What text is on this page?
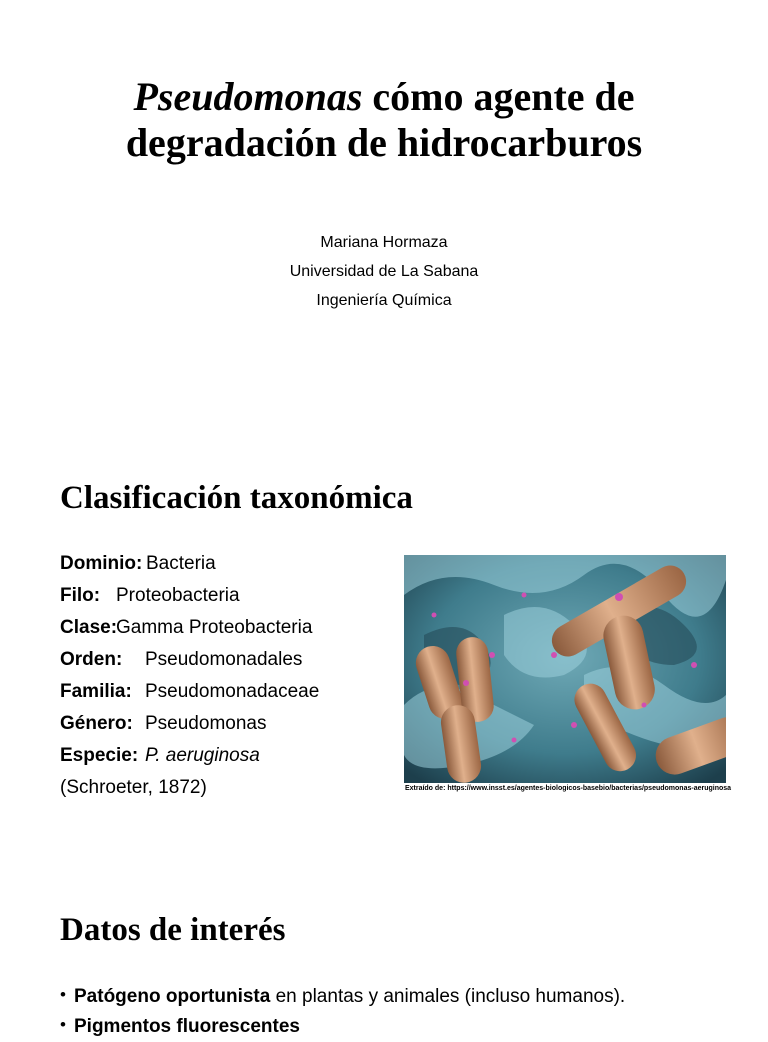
Pseudomonas cómo agente de degradación de hidrocarburos
Mariana Hormaza
Universidad de La Sabana
Ingeniería Química
Clasificación taxonómica
Dominio: Bacteria
Filo: Proteobacteria
Clase:
Gamma Proteobacteria
Orden: Pseudomonadales
Familia: Pseudomonadaceae
Género: Pseudomonas
Especie: P. aeruginosa
(Schroeter, 1872)	Extraído de: https://www.insst.es/agentes-biologicos-basebio/bacterias/pseudomonas-aeruginosa
Datos de interés
• Patógeno oportunista en plantas y animales (incluso humanos).
• Pigmentos fluorescentes
